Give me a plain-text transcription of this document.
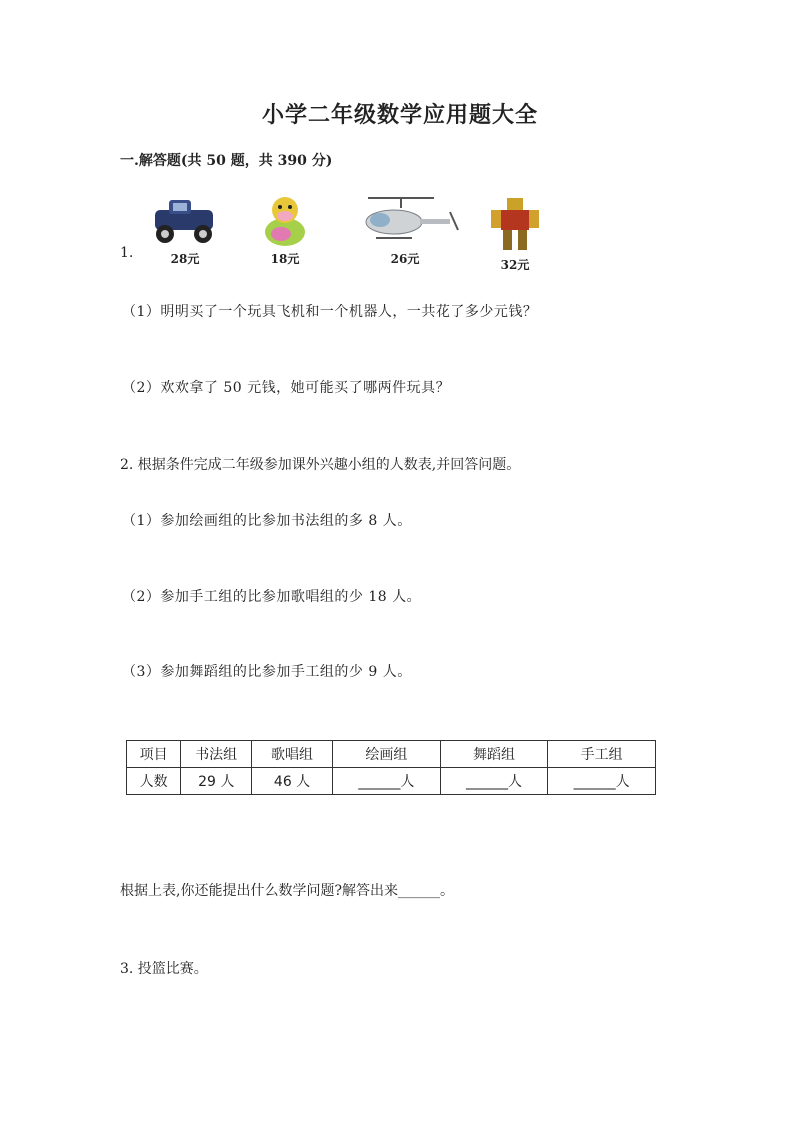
小学二年级数学应用题大全
一.解答题(共 50 题，共 390 分)
1.	28元	18元	26元	32元
（1）明明买了一个玩具飞机和一个机器人，一共花了多少元钱？
（2）欢欢拿了 50 元钱，她可能买了哪两件玩具？
2. 根据条件完成二年级参加课外兴趣小组的人数表,并回答问题。
（1）参加绘画组的比参加书法组的多 8 人。
（2）参加手工组的比参加歌唱组的少 18 人。
（3）参加舞蹈组的比参加手工组的少 9 人。
项目	书法组	歌唱组	绘画组	舞蹈组	手工组
人数	29 人	46 人	______人	______人	______人
根据上表,你还能提出什么数学问题?解答出来______。
3. 投篮比赛。
